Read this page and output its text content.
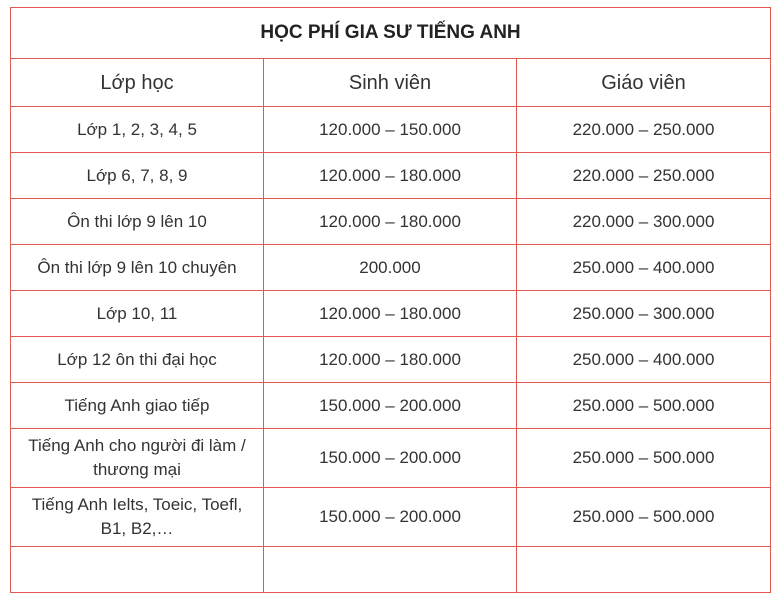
HỌC PHÍ GIA SƯ TIẾNG ANH		
Lớp học	Sinh viên	Giáo viên
Lớp 1, 2, 3, 4, 5	120.000 – 150.000	220.000 – 250.000
Lớp 6, 7, 8, 9	120.000 – 180.000	220.000 – 250.000
Ôn thi lớp 9 lên 10	120.000 – 180.000	220.000 – 300.000
Ôn thi lớp 9 lên 10 chuyên	200.000	250.000 – 400.000
Lớp 10, 11	120.000 – 180.000	250.000 – 300.000
Lớp 12 ôn thi đại học	120.000 – 180.000	250.000 – 400.000
Tiếng Anh giao tiếp	150.000 – 200.000	250.000 – 500.000
Tiếng Anh cho người đi làm / thương mại	150.000 – 200.000	250.000 – 500.000
Tiếng Anh Ielts, Toeic, Toefl, B1, B2,…	150.000 – 200.000	250.000 – 500.000
